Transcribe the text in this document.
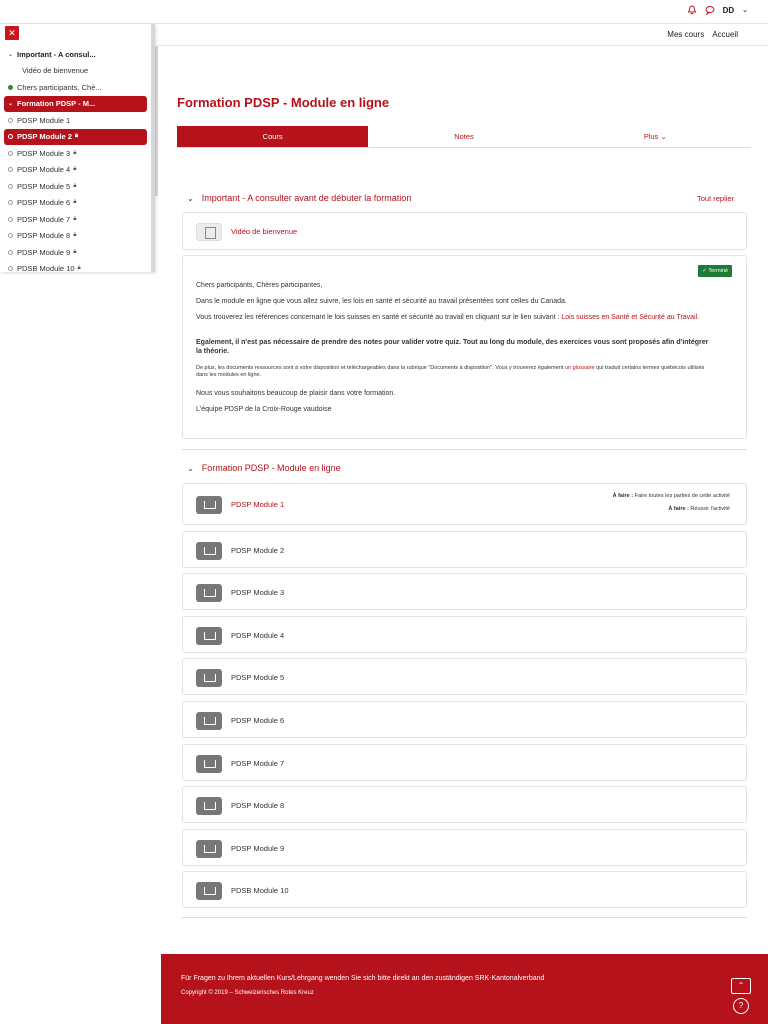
DD ⌄
Mes cours Accueil
✕
⌄ Important - A consul...
Vidéo de bienvenue
Chers participants, Chè...
⌄ Formation PDSP - M...
PDSP Module 1
PDSP Module 2 🔒︎
PDSP Module 3 🔒︎
PDSP Module 4 🔒︎
PDSP Module 5 🔒︎
PDSP Module 6 🔒︎
PDSP Module 7 🔒︎
PDSP Module 8 🔒︎
PDSP Module 9 🔒︎
PDSB Module 10 🔒︎
Formation PDSP - Module en ligne
Cours	Notes	Plus ⌄
⌄ Important - A consulter avant de débuter la formation	Tout replier
Vidéo de bienvenue
✓ Terminé
Chers participants, Chères participantes,
Dans le module en ligne que vous allez suivre, les lois en santé et sécurité au travail présentées sont celles du Canada.
Vous trouverez les références concernant le lois suisses en santé et sécurité au travail en cliquant sur le lien suivant : Lois suisses en Santé et Sécurité au Travail.
Egalement, il n'est pas nécessaire de prendre des notes pour valider votre quiz. Tout au long du module, des exercices vous sont proposés afin d'intégrer la théorie.
De plus, les documents ressources sont à votre disposition et téléchargeables dans la rubrique "Documents à disposition". Vous y trouverez également un glossaire qui traduit certains termes québécois utilisés dans les modules en ligne.
Nous vous souhaitons beaucoup de plaisir dans votre formation.
L'équipe PDSP de la Croix-Rouge vaudoise
⌄ Formation PDSP - Module en ligne
PDSP Module 1
À faire : Faire toutes les parties de cette activité
À faire : Réussir l'activité
PDSP Module 2
PDSP Module 3
PDSP Module 4
PDSP Module 5
PDSP Module 6
PDSP Module 7
PDSP Module 8
PDSP Module 9
PDSB Module 10
Für Fragen zu Ihrem aktuellen Kurs/Lehrgang wenden Sie sich bitte direkt an den zuständigen SRK-Kantonalverband
Copyright © 2019 – Schweizerisches Rotes Kreuz
⌃
?
